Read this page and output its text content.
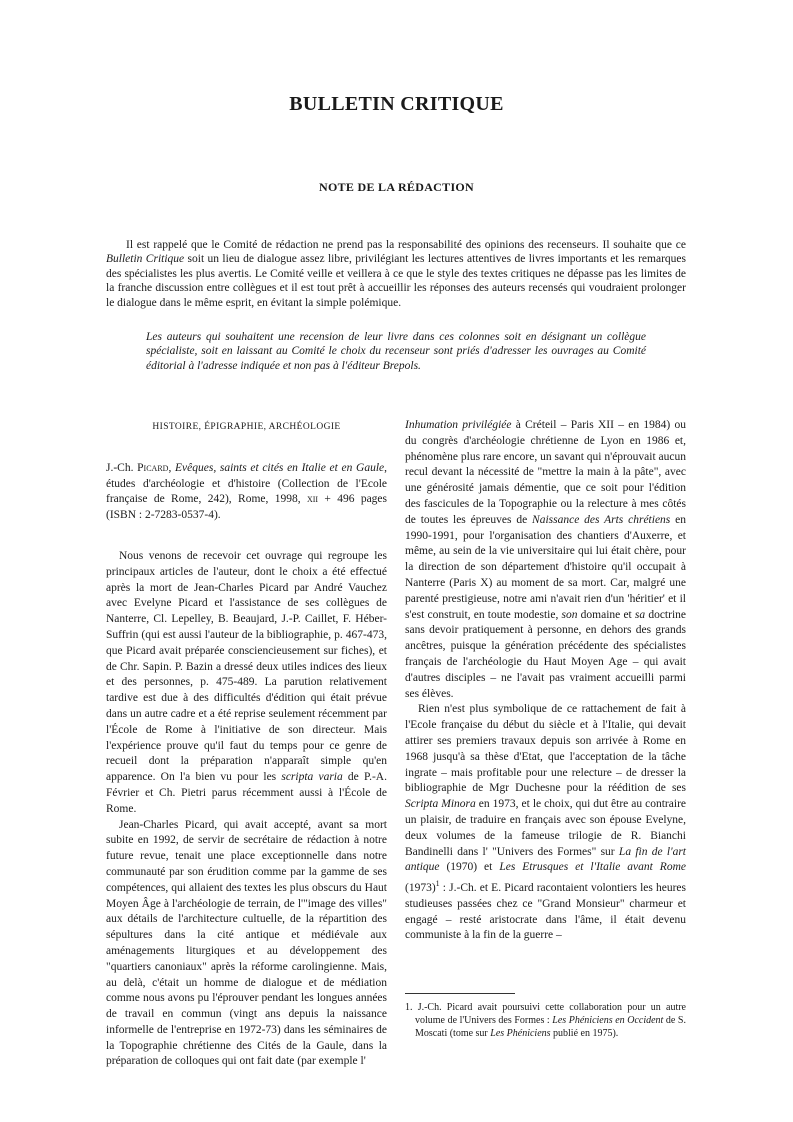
BULLETIN CRITIQUE
NOTE DE LA RÉDACTION

Il est rappelé que le Comité de rédaction ne prend pas la responsabilité des opinions des recenseurs. Il souhaite que ce Bulletin Critique soit un lieu de dialogue assez libre, privilégiant les lectures attentives de livres importants et les remarques des spécialistes les plus avertis. Le Comité veille et veillera à ce que le style des textes critiques ne dépasse pas les limites de la franche discussion entre collègues et il est tout prêt à accueillir les réponses des auteurs recensés qui voudraient prolonger le dialogue dans le même esprit, en évitant la simple polémique.

Les auteurs qui souhaitent une recension de leur livre dans ces colonnes soit en désignant un collègue spécialiste, soit en laissant au Comité le choix du recenseur sont priés d'adresser les ouvrages au Comité éditorial à l'adresse indiquée et non pas à l'éditeur Brepols.

HISTOIRE, ÉPIGRAPHIE, ARCHÉOLOGIE

J.-Ch. Picard, Evêques, saints et cités en Italie et en Gaule, études d'archéologie et d'histoire (Collection de l'Ecole française de Rome, 242), Rome, 1998, xii + 496 pages (ISBN : 2-7283-0537-4).

Nous venons de recevoir cet ouvrage qui regroupe les principaux articles de l'auteur, dont le choix a été effectué après la mort de Jean-Charles Picard par André Vauchez avec Evelyne Picard et l'assistance de ses collègues de Nanterre, Cl. Lepelley, B. Beaujard, J.-P. Caillet, F. Héber-Suffrin (qui est aussi l'auteur de la bibliographie, p. 467-473, que Picard avait préparée consciencieusement sur fiches), et de Chr. Sapin. P. Bazin a dressé deux utiles indices des lieux et des personnes, p. 475-489. La parution relativement tardive est due à des difficultés d'édition qui était prévue dans un autre cadre et a été reprise seulement récemment par l'École de Rome à l'initiative de son directeur. Mais l'expérience prouve qu'il faut du temps pour ce genre de recueil dont la préparation n'apparaît simple qu'en apparence. On l'a bien vu pour les scripta varia de P.-A. Février et Ch. Pietri parus récemment aussi à l'École de Rome.

Jean-Charles Picard, qui avait accepté, avant sa mort subite en 1992, de servir de secrétaire de rédaction à notre future revue, tenait une place exceptionnelle dans notre communauté par son érudition comme par la gamme de ses compétences, qui allaient des textes les plus obscurs du Haut Moyen Âge à l'archéologie de terrain, de l'"image des villes" aux détails de l'architecture cultuelle, de la répartition des sépultures dans la cité antique et médiévale aux aménagements liturgiques et au développement des "quartiers canoniaux" après la réforme carolingienne. Mais, au delà, c'était un homme de dialogue et de médiation comme nous avons pu l'éprouver pendant les longues années de travail en commun (vingt ans depuis la naissance informelle de l'entreprise en 1972-73) dans les séminaires de la Topographie chrétienne des Cités de la Gaule, dans la préparation de colloques qui ont fait date (par exemple l'

Inhumation privilégiée à Créteil – Paris XII – en 1984) ou du congrès d'archéologie chrétienne de Lyon en 1986 et, phénomène plus rare encore, un savant qui n'éprouvait aucun recul devant la nécessité de "mettre la main à la pâte", avec une générosité jamais démentie, que ce soit pour l'édition des fascicules de la Topographie ou la relecture à mes côtés de toutes les épreuves de Naissance des Arts chrétiens en 1990-1991, pour l'organisation des chantiers d'Auxerre, et même, au sein de la vie universitaire qui lui était chère, pour la direction de son département d'histoire qu'il occupait à Nanterre (Paris X) au moment de sa mort. Car, malgré une parenté prestigieuse, notre ami n'avait rien d'un 'héritier' et il s'est construit, en toute modestie, son domaine et sa doctrine sans devoir pratiquement à personne, en dehors des grands ancêtres, puisque la génération précédente des spécialistes français de l'archéologie du Haut Moyen Age – qui avait d'autres disciples – ne l'avait pas vraiment accueilli parmi ses élèves.

Rien n'est plus symbolique de ce rattachement de fait à l'Ecole française du début du siècle et à l'Italie, qui devait attirer ses premiers travaux depuis son arrivée à Rome en 1968 jusqu'à sa thèse d'Etat, que l'acceptation de la tâche ingrate – mais profitable pour une relecture – de dresser la bibliographie de Mgr Duchesne pour la réédition de ses Scripta Minora en 1973, et le choix, qui dut être au contraire un plaisir, de traduire en français avec son épouse Evelyne, deux volumes de la fameuse trilogie de R. Bianchi Bandinelli dans l' "Univers des Formes" sur La fin de l'art antique (1970) et Les Etrusques et l'Italie avant Rome $(1973)^1$ : J.-Ch. et E. Picard racontaient volontiers les heures studieuses passées chez ce "Grand Monsieur" charmeur et engagé – resté aristocrate dans l'âme, il était devenu communiste à la fin de la guerre –

1. J.-Ch. Picard avait poursuivi cette collaboration pour un autre volume de l'Univers des Formes : Les Phéniciens en Occident de S. Moscati (tome sur Les Phéniciens publié en 1975).
